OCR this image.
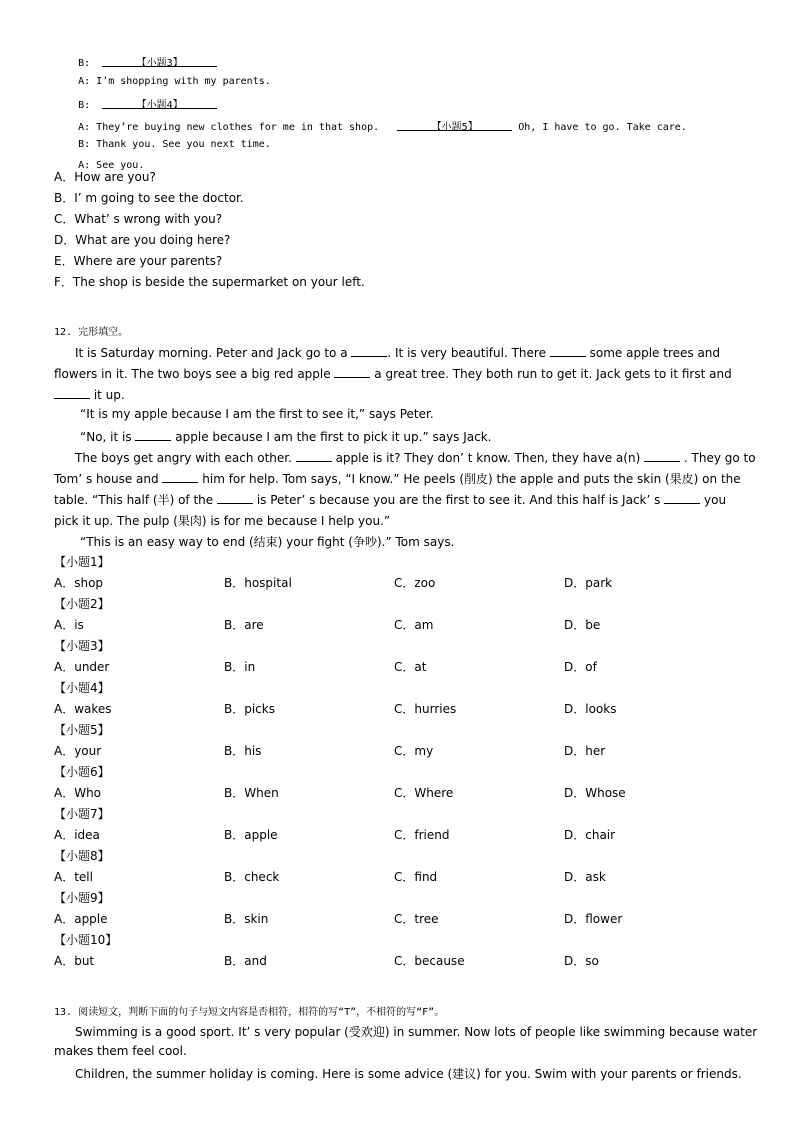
B:	【小题3】

A: I’m shopping with my parents.

B:	【小题4】

A: They’re buying new clothes for me in that shop.	【小题5】	Oh, I have to go. Take care.

B: Thank you. See you next time.

A: See you.

A．How are you?
B．I’ m going to see the doctor.
C．What’ s wrong with you?
D．What are you doing here?
E．Where are your parents?
F．The shop is beside the supermarket on your left.
12. 完形填空。
It is Saturday morning. Peter and Jack go to a	. It is very beautiful. There	some apple trees and
flowers in it. The two boys see a big red apple	a great tree. They both run to get it. Jack gets to it first and
it up.
“It is my apple because I am the first to see it,” says Peter.
“No, it is	apple because I am the first to pick it up.” says Jack.
The boys get angry with each other.	apple is it? They don’ t know. Then, they have a(n)	. They go to
Tom’ s house and	him for help. Tom says, “I know.” He peels (削皮) the apple and puts the skin (果皮) on the
table. “This half (半) of the	is Peter’ s because you are the first to see it. And this half is Jack’ s	you
pick it up. The pulp (果肉) is for me because I help you.”
“This is an easy way to end (结束) your fight (争吵).” Tom says.
【小题1】
A．shop	B．hospital	C．zoo	D．park
【小题2】
A．is	B．are	C．am	D．be
【小题3】
A．under	B．in	C．at	D．of
【小题4】
A．wakes	B．picks	C．hurries	D．looks
【小题5】
A．your	B．his	C．my	D．her
【小题6】
A．Who	B．When	C．Where	D．Whose
【小题7】
A．idea	B．apple	C．friend	D．chair
【小题8】
A．tell	B．check	C．find	D．ask
【小题9】
A．apple	B．skin	C．tree	D．flower
【小题10】
A．but	B．and	C．because	D．so
13. 阅读短文，判断下面的句子与短文内容是否相符，相符的写“T”，不相符的写“F”。
Swimming is a good sport. It’ s very popular (受欢迎) in summer. Now lots of people like swimming because water
makes them feel cool.
Children, the summer holiday is coming. Here is some advice (建议) for you. Swim with your parents or friends.
